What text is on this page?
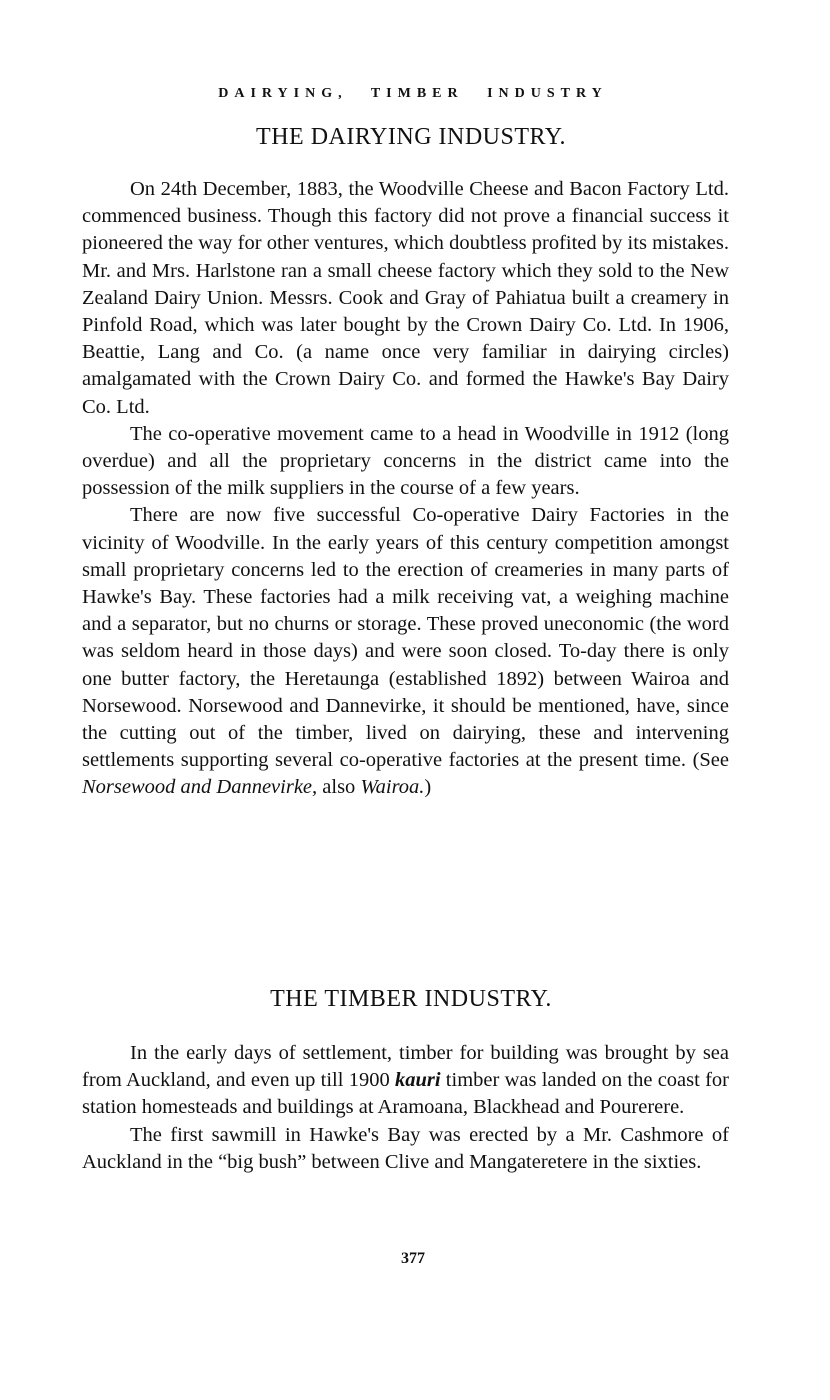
DAIRYING, TIMBER INDUSTRY
THE DAIRYING INDUSTRY.

On 24th December, 1883, the Woodville Cheese and Bacon Factory Ltd. commenced business. Though this factory did not prove a financial success it pioneered the way for other ventures, which doubtless profited by its mistakes. Mr. and Mrs. Harlstone ran a small cheese factory which they sold to the New Zealand Dairy Union. Messrs. Cook and Gray of Pahiatua built a creamery in Pinfold Road, which was later bought by the Crown Dairy Co. Ltd. In 1906, Beattie, Lang and Co. (a name once very familiar in dairying circles) amalgamated with the Crown Dairy Co. and formed the Hawke's Bay Dairy Co. Ltd.

The co-operative movement came to a head in Woodville in 1912 (long overdue) and all the proprietary concerns in the district came into the possession of the milk suppliers in the course of a few years.

There are now five successful Co-operative Dairy Factories in the vicinity of Woodville. In the early years of this century competition amongst small proprietary concerns led to the erection of creameries in many parts of Hawke's Bay. These factories had a milk receiving vat, a weighing machine and a separator, but no churns or storage. These proved uneconomic (the word was seldom heard in those days) and were soon closed. To-day there is only one butter factory, the Heretaunga (established 1892) between Wairoa and Norsewood. Norsewood and Dannevirke, it should be mentioned, have, since the cutting out of the timber, lived on dairying, these and intervening settlements supporting several co-operative factories at the present time. (See Norsewood and Dannevirke, also Wairoa.)

THE TIMBER INDUSTRY.

In the early days of settlement, timber for building was brought by sea from Auckland, and even up till 1900 kauri timber was landed on the coast for station homesteads and buildings at Aramoana, Blackhead and Pourerere.

The first sawmill in Hawke's Bay was erected by a Mr. Cashmore of Auckland in the “big bush” between Clive and Mangateretere in the sixties.

377
